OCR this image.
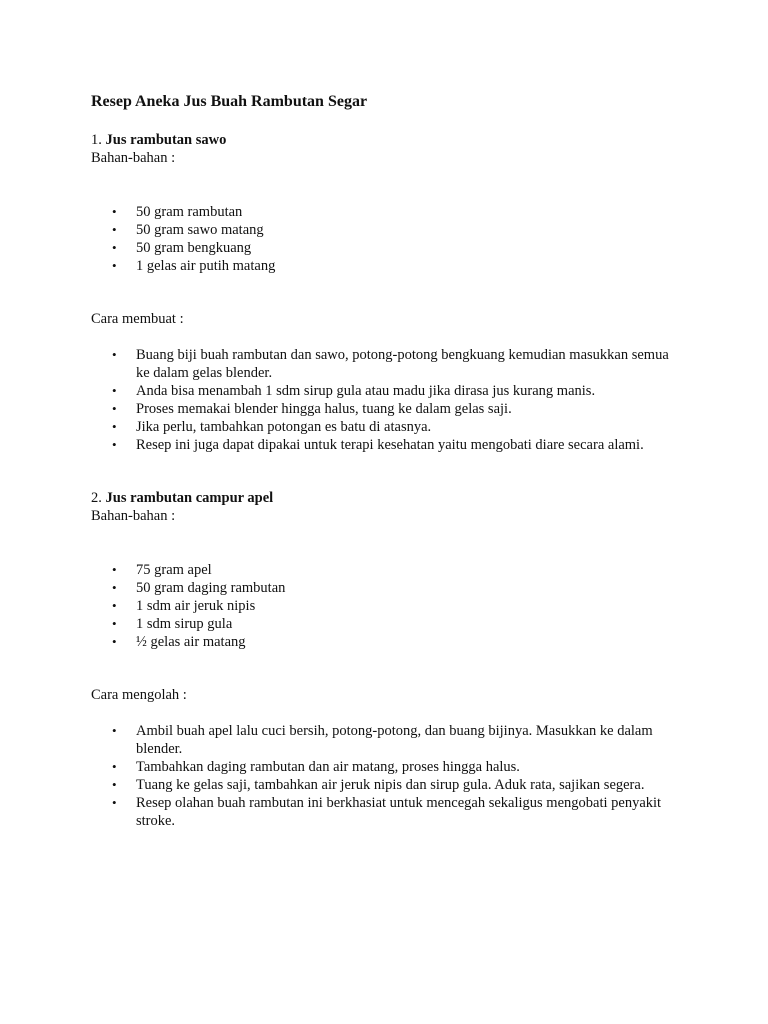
Resep Aneka Jus Buah Rambutan Segar

1. Jus rambutan sawo

Bahan-bahan :

• 50 gram rambutan
• 50 gram sawo matang
• 50 gram bengkuang
• 1 gelas air putih matang

Cara membuat :

• Buang biji buah rambutan dan sawo, potong-potong bengkuang kemudian masukkan semua ke dalam gelas blender.
• Anda bisa menambah 1 sdm sirup gula atau madu jika dirasa jus kurang manis.
• Proses memakai blender hingga halus, tuang ke dalam gelas saji.
• Jika perlu, tambahkan potongan es batu di atasnya.
• Resep ini juga dapat dipakai untuk terapi kesehatan yaitu mengobati diare secara alami.

2. Jus rambutan campur apel

Bahan-bahan :

• 75 gram apel
• 50 gram daging rambutan
• 1 sdm air jeruk nipis
• 1 sdm sirup gula
• ½ gelas air matang

Cara mengolah :

• Ambil buah apel lalu cuci bersih, potong-potong, dan buang bijinya. Masukkan ke dalam blender.
• Tambahkan daging rambutan dan air matang, proses hingga halus.
• Tuang ke gelas saji, tambahkan air jeruk nipis dan sirup gula. Aduk rata, sajikan segera.
• Resep olahan buah rambutan ini berkhasiat untuk mencegah sekaligus mengobati penyakit stroke.
